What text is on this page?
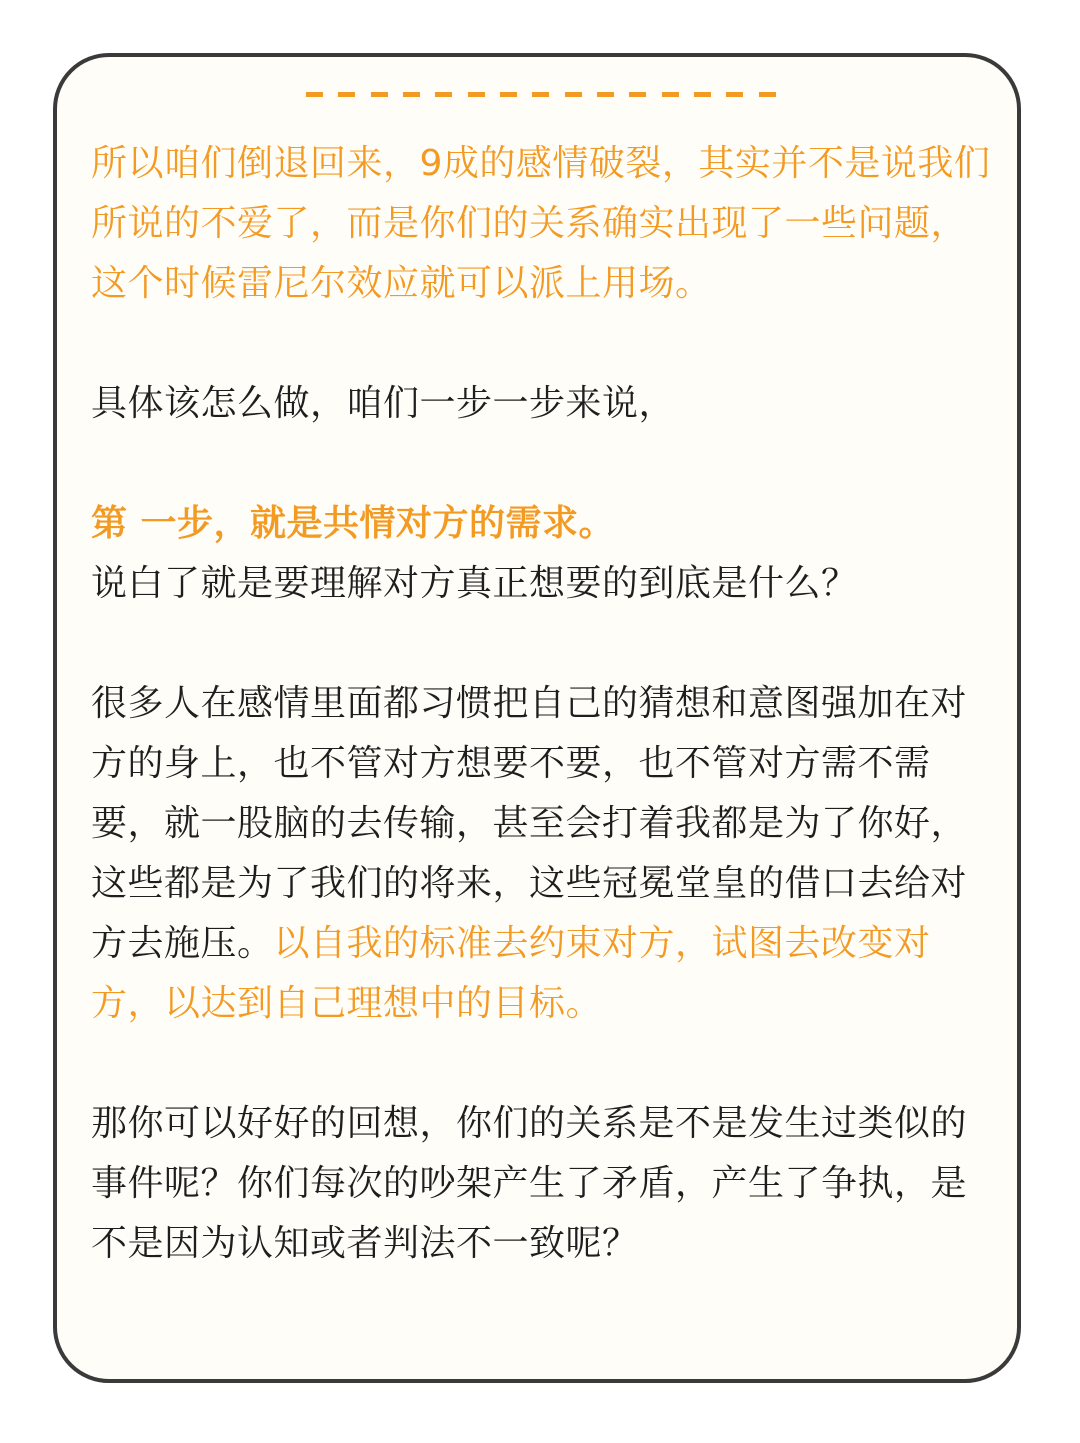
所以咱们倒退回来，9成的感情破裂，其实并不是说我们所说的不爱了，而是你们的关系确实出现了一些问题，这个时候雷尼尔效应就可以派上用场。

具体该怎么做，咱们一步一步来说，

第 一步，就是共情对方的需求。
说白了就是要理解对方真正想要的到底是什么？

很多人在感情里面都习惯把自己的猜想和意图强加在对方的身上，也不管对方想要不要，也不管对方需不需要，就一股脑的去传输，甚至会打着我都是为了你好，这些都是为了我们的将来，这些冠冕堂皇的借口去给对方去施压。以自我的标准去约束对方，试图去改变对方，以达到自己理想中的目标。

那你可以好好的回想，你们的关系是不是发生过类似的事件呢？你们每次的吵架产生了矛盾，产生了争执，是不是因为认知或者判法不一致呢？
